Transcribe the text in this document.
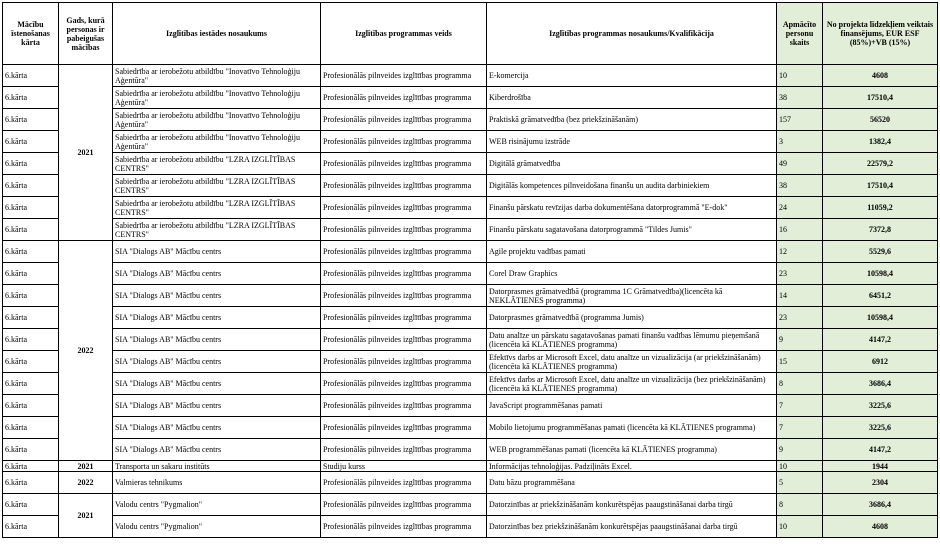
Mācību īstenošanas kārta	Gads, kurā personas ir pabeigušas mācības	Izglītības iestādes nosaukums	Izglītības programmas veids	Izglītības programmas nosaukums/Kvalifikācija	Apmācīto personu skaits	No projekta līdzekļiem veiktais finansējums, EUR ESF (85%)+VB (15%)
6.kārta	2021	Sabiedrība ar ierobežotu atbildību "Inovatīvo Tehnoloģiju Aģentūra"	Profesionālās pilnveides izglītības programma	E-komercija	10	4608
6.kārta		Sabiedrība ar ierobežotu atbildību "Inovatīvo Tehnoloģiju Aģentūra"	Profesionālās pilnveides izglītības programma	Kiberdrošība	38	17510,4
6.kārta		Sabiedrība ar ierobežotu atbildību "Inovatīvo Tehnoloģiju Aģentūra"	Profesionālās pilnveides izglītības programma	Praktiskā grāmatvedība (bez priekšzināšanām)	157	56520
6.kārta		Sabiedrība ar ierobežotu atbildību "Inovatīvo Tehnoloģiju Aģentūra"	Profesionālās pilnveides izglītības programma	WEB risinājumu izstrāde	3	1382,4
6.kārta		Sabiedrība ar ierobežotu atbildību "LZRA IZGLĪTĪBAS CENTRS"	Profesionālās pilnveides izglītības programma	Digitālā grāmatvedība	49	22579,2
6.kārta		Sabiedrība ar ierobežotu atbildību "LZRA IZGLĪTĪBAS CENTRS"	Profesionālās pilnveides izglītības programma	Digitālās kompetences pilnveidošana finanšu un audita darbiniekiem	38	17510,4
6.kārta		Sabiedrība ar ierobežotu atbildību "LZRA IZGLĪTĪBAS CENTRS"	Profesionālās pilnveides izglītības programma	Finanšu pārskatu revīzijas darba dokumentēšana datorprogrammā "E-dok"	24	11059,2
6.kārta		Sabiedrība ar ierobežotu atbildību "LZRA IZGLĪTĪBAS CENTRS"	Profesionālās pilnveides izglītības programma	Finanšu pārskatu sagatavošana datorprogrammā "Tildes Jumis"	16	7372,8
6.kārta	2022	SIA "Dialogs AB" Mācību centrs	Profesionālās pilnveides izglītības programma	Agile projektu vadības pamati	12	5529,6
6.kārta		SIA "Dialogs AB" Mācību centrs	Profesionālās pilnveides izglītības programma	Corel Draw Graphics	23	10598,4
6.kārta		SIA "Dialogs AB" Mācību centrs	Profesionālās pilnveides izglītības programma	Datorprasmes grāmatvedībā (programma 1C Grāmatvedība)(licencēta kā NEKLĀTIENES programma)	14	6451,2
6.kārta		SIA "Dialogs AB" Mācību centrs	Profesionālās pilnveides izglītības programma	Datorprasmes grāmatvedībā (programma Jumis)	23	10598,4
6.kārta		SIA "Dialogs AB" Mācību centrs	Profesionālās pilnveides izglītības programma	Datu analīze un pārskatu sagatavošanas pamati finanšu vadības lēmumu pieņemšanā (licencēta kā KLĀTIENES programma)	9	4147,2
6.kārta		SIA "Dialogs AB" Mācību centrs	Profesionālās pilnveides izglītības programma	Efektīvs darbs ar Microsoft Excel, datu analīze un vizualizācija (ar priekšzināšanām) (licencēta kā KLĀTIENES programma)	15	6912
6.kārta		SIA "Dialogs AB" Mācību centrs	Profesionālās pilnveides izglītības programma	Efektīvs darbs ar Microsoft Excel, datu analīze un vizualizācija (bez priekšzināšanām) (licencēta kā KLĀTIENES programma)	8	3686,4
6.kārta		SIA "Dialogs AB" Mācību centrs	Profesionālās pilnveides izglītības programma	JavaScript programmēšanas pamati	7	3225,6
6.kārta		SIA "Dialogs AB" Mācību centrs	Profesionālās pilnveides izglītības programma	Mobilo lietojumu programmēšanas pamati (licencēta kā KLĀTIENES programma)	7	3225,6
6.kārta		SIA "Dialogs AB" Mācību centrs	Profesionālās pilnveides izglītības programma	WEB programmēšanas pamati (licencēta kā KLĀTIENES programma)	9	4147,2
6.kārta	2021	Transporta un sakaru institūts	Studiju kurss	Informācijas tehnoloģijas. Padziļināts Excel.	10	1944
6.kārta	2022	Valmieras tehnikums	Profesionālās pilnveides izglītības programma	Datu bāzu programmēšana	5	2304
6.kārta	2021	Valodu centrs "Pygmalion"	Profesionālās pilnveides izglītības programma	Datorzinības ar priekšzināšanām konkurētspējas paaugstināšanai darba tirgū	8	3686,4
6.kārta		Valodu centrs "Pygmalion"	Profesionālās pilnveides izglītības programma	Datorzinības bez priekšzināšanām konkurētspējas paaugstināšanai darba tirgū	10	4608
